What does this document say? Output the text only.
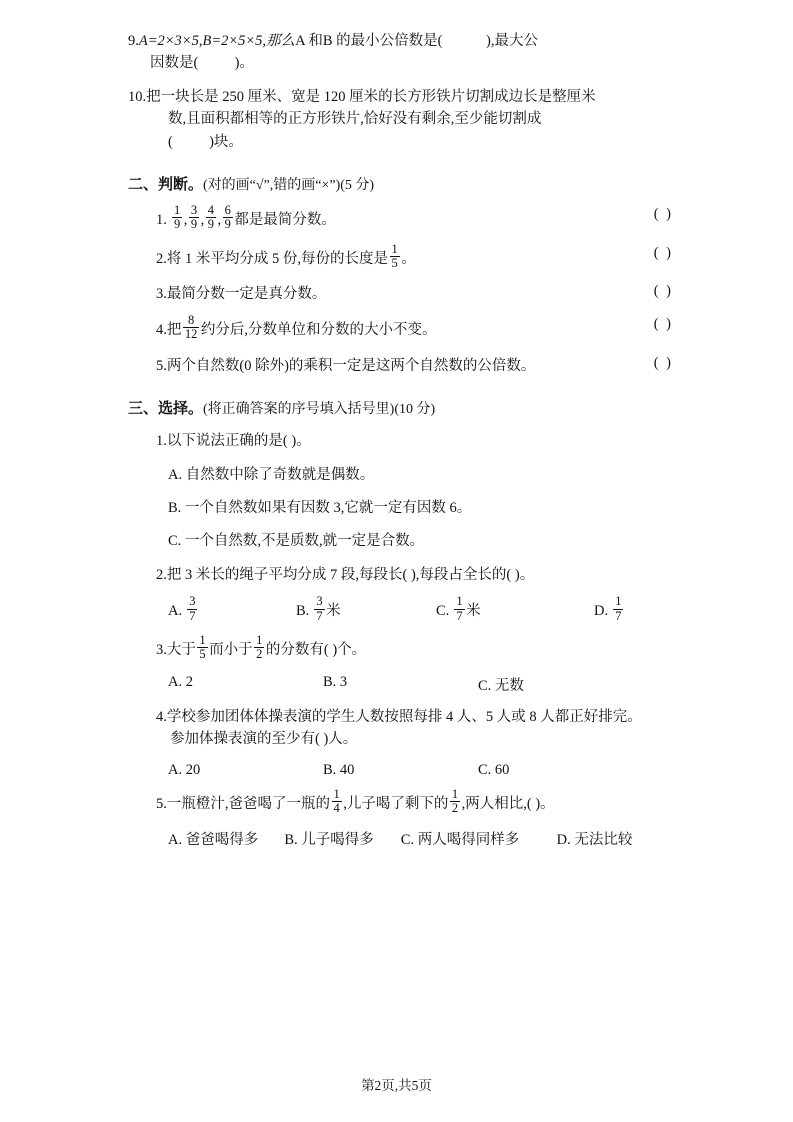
9.A=2×3×5,B=2×5×5,那么A 和B 的最小公倍数是(	),最大公
因数是(	)。
10.把一块长是 250 厘米、宽是 120 厘米的长方形铁片切割成边长是整厘米
数,且面积都相等的正方形铁片,恰好没有剩余,至少能切割成
(	)块。
二、判断。(对的画“√”,错的画“×”)(5 分)
1. $\frac{1}{9}$ , $\frac{3}{9}$ , $\frac{4}{9}$ , $\frac{6}{9}$ 都是最简分数。	( )
2.将 1 米平均分成 5 份,每份的长度是 $\frac{1}{5}$ 。	( )
3.最简分数一定是真分数。	( )
4.把 $\frac{8}{12}$ 约分后,分数单位和分数的大小不变。	( )
5.两个自然数(0 除外)的乘积一定是这两个自然数的公倍数。	( )
三、选择。(将正确答案的序号填入括号里)(10 分)
1.以下说法正确的是( )。
A. 自然数中除了奇数就是偶数。
B. 一个自然数如果有因数 3,它就一定有因数 6。
C. 一个自然数,不是质数,就一定是合数。
2.把 3 米长的绳子平均分成 7 段,每段长( ),每段占全长的( )。
A. $\frac{3}{7}$	B. $\frac{3}{7}$ 米	C. $\frac{1}{7}$ 米	D. $\frac{1}{7}$
3.大于 $\frac{1}{5}$ 而小于 $\frac{1}{2}$ 的分数有( )个。
A. 2	B. 3	C. 无数
4.学校参加团体体操表演的学生人数按照每排 4 人、5 人或 8 人都正好排完。
参加体操表演的至少有( )人。
A. 20	B. 40	C. 60
5.一瓶橙汁,爸爸喝了一瓶的 $\frac{1}{4}$ ,儿子喝了剩下的 $\frac{1}{2}$ ,两人相比,( )。
A. 爸爸喝得多	B. 儿子喝得多	C. 两人喝得同样多	D. 无法比较
第2页,共5页
